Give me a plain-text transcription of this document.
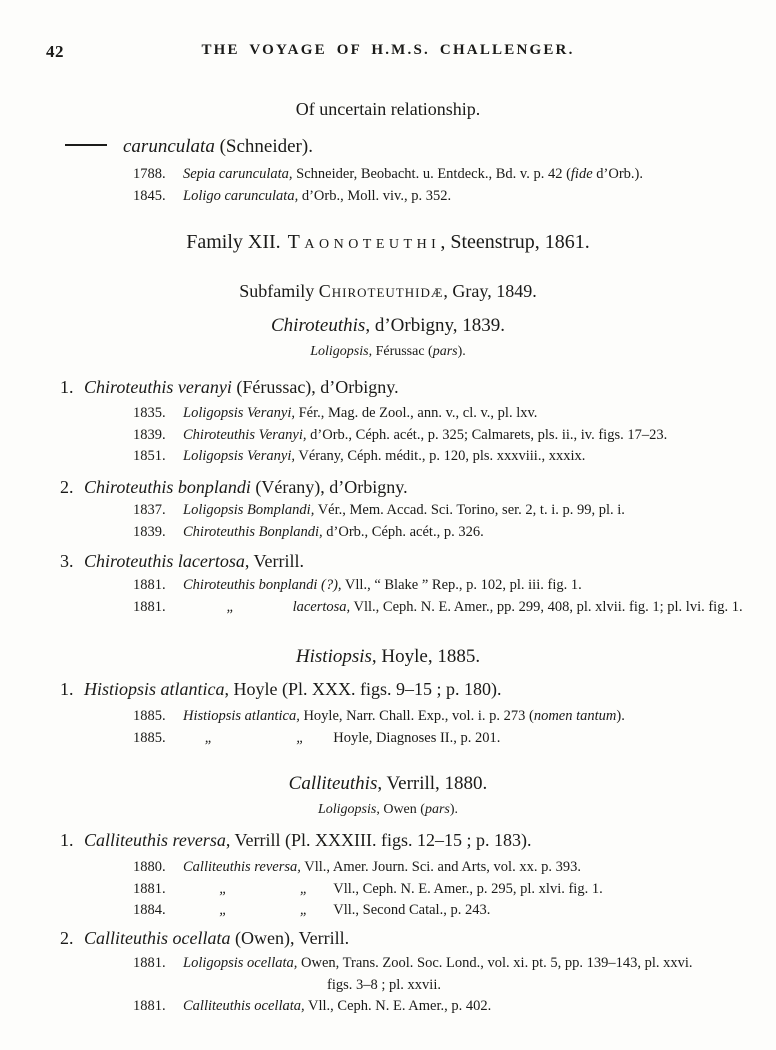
42	THE VOYAGE OF H.M.S. CHALLENGER.
Of uncertain relationship.
carunculata (Schneider).
1788. Sepia carunculata, Schneider, Beobacht. u. Entdeck., Bd. v. p. 42 (fide d’Orb.).
1845. Loligo carunculata, d’Orb., Moll. viv., p. 352.
Family XII. Taonoteuthi, Steenstrup, 1861.
Subfamily Chiroteuthidæ, Gray, 1849.
Chiroteuthis, d’Orbigny, 1839.
Loligopsis, Férussac (pars).
1. Chiroteuthis veranyi (Férussac), d’Orbigny.
1835. Loligopsis Veranyi, Fér., Mag. de Zool., ann. v., cl. v., pl. lxv.
1839. Chiroteuthis Veranyi, d’Orb., Céph. acét., p. 325; Calmarets, pls. ii., iv. figs. 17–23.
1851. Loligopsis Veranyi, Vérany, Céph. médit., p. 120, pls. xxxviii., xxxix.
2. Chiroteuthis bonplandi (Vérany), d’Orbigny.
1837. Loligopsis Bomplandi, Vér., Mem. Accad. Sci. Torino, ser. 2, t. i. p. 99, pl. i.
1839. Chiroteuthis Bonplandi, d’Orb., Céph. acét., p. 326.
3. Chiroteuthis lacertosa, Verrill.
1881. Chiroteuthis bonplandi (?), Vll., “ Blake ” Rep., p. 102, pl. iii. fig. 1.
1881.            „                lacertosa, Vll., Ceph. N. E. Amer., pp. 299, 408, pl. xlvii. fig. 1; pl. lvi. fig. 1.
Histiopsis, Hoyle, 1885.
1. Histiopsis atlantica, Hoyle (Pl. XXX. figs. 9–15 ; p. 180).
1885. Histiopsis atlantica, Hoyle, Narr. Chall. Exp., vol. i. p. 273 (nomen tantum).
1885.      „                       „        Hoyle, Diagnoses II., p. 201.
Calliteuthis, Verrill, 1880.
Loligopsis, Owen (pars).
1. Calliteuthis reversa, Verrill (Pl. XXXIII. figs. 12–15 ; p. 183).
1880. Calliteuthis reversa, Vll., Amer. Journ. Sci. and Arts, vol. xx. p. 393.
1881.          „                    „       Vll., Ceph. N. E. Amer., p. 295, pl. xlvi. fig. 1.
1884.          „                    „       Vll., Second Catal., p. 243.
2. Calliteuthis ocellata (Owen), Verrill.
1881. Loligopsis ocellata, Owen, Trans. Zool. Soc. Lond., vol. xi. pt. 5, pp. 139–143, pl. xxvi.
figs. 3–8 ; pl. xxvii.
1881. Calliteuthis ocellata, Vll., Ceph. N. E. Amer., p. 402.
